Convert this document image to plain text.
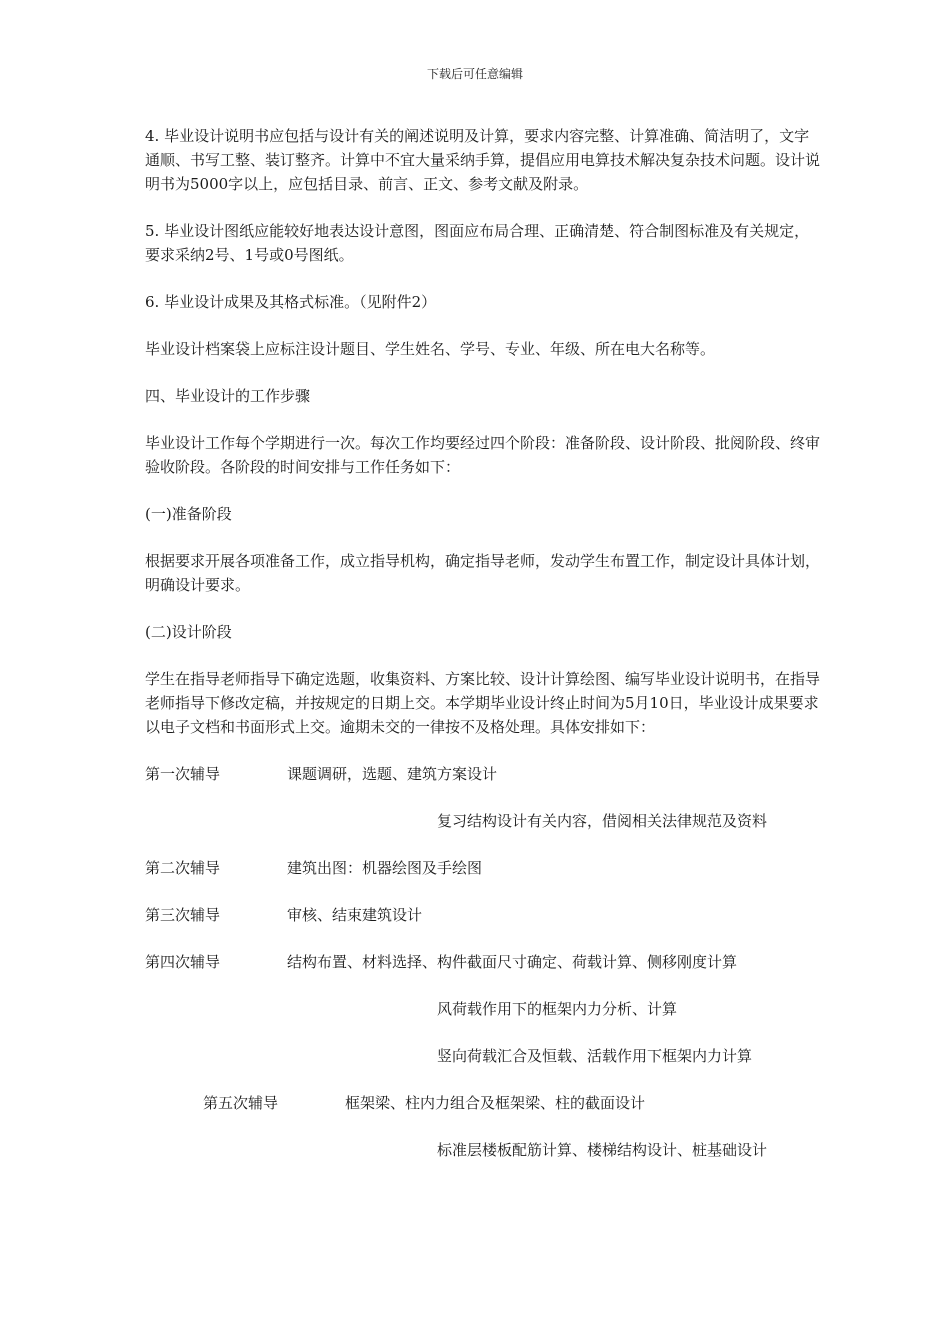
下载后可任意编辑

4. 毕业设计说明书应包括与设计有关的阐述说明及计算，要求内容完整、计算准确、简洁明了，文字通顺、书写工整、装订整齐。计算中不宜大量采纳手算，提倡应用电算技术解决复杂技术问题。设计说明书为5000字以上，应包括目录、前言、正文、参考文献及附录。

5. 毕业设计图纸应能较好地表达设计意图，图面应布局合理、正确清楚、符合制图标准及有关规定，要求采纳2号、1号或0号图纸。

6. 毕业设计成果及其格式标准。（见附件2）

毕业设计档案袋上应标注设计题目、学生姓名、学号、专业、年级、所在电大名称等。

四、毕业设计的工作步骤

毕业设计工作每个学期进行一次。每次工作均要经过四个阶段：准备阶段、设计阶段、批阅阶段、终审验收阶段。各阶段的时间安排与工作任务如下：

(一)准备阶段

根据要求开展各项准备工作，成立指导机构，确定指导老师，发动学生布置工作，制定设计具体计划，明确设计要求。

(二)设计阶段

学生在指导老师指导下确定选题，收集资料、方案比较、设计计算绘图、编写毕业设计说明书，在指导老师指导下修改定稿，并按规定的日期上交。本学期毕业设计终止时间为5月10日，毕业设计成果要求以电子文档和书面形式上交。逾期未交的一律按不及格处理。具体安排如下：

第一次辅导	课题调研，选题、建筑方案设计
复习结构设计有关内容，借阅相关法律规范及资料
第二次辅导	建筑出图：机器绘图及手绘图
第三次辅导	审核、结束建筑设计
第四次辅导	结构布置、材料选择、构件截面尺寸确定、荷载计算、侧移刚度计算
风荷载作用下的框架内力分析、计算
竖向荷载汇合及恒载、活载作用下框架内力计算
第五次辅导	框架梁、柱内力组合及框架梁、柱的截面设计
标准层楼板配筋计算、楼梯结构设计、桩基础设计
